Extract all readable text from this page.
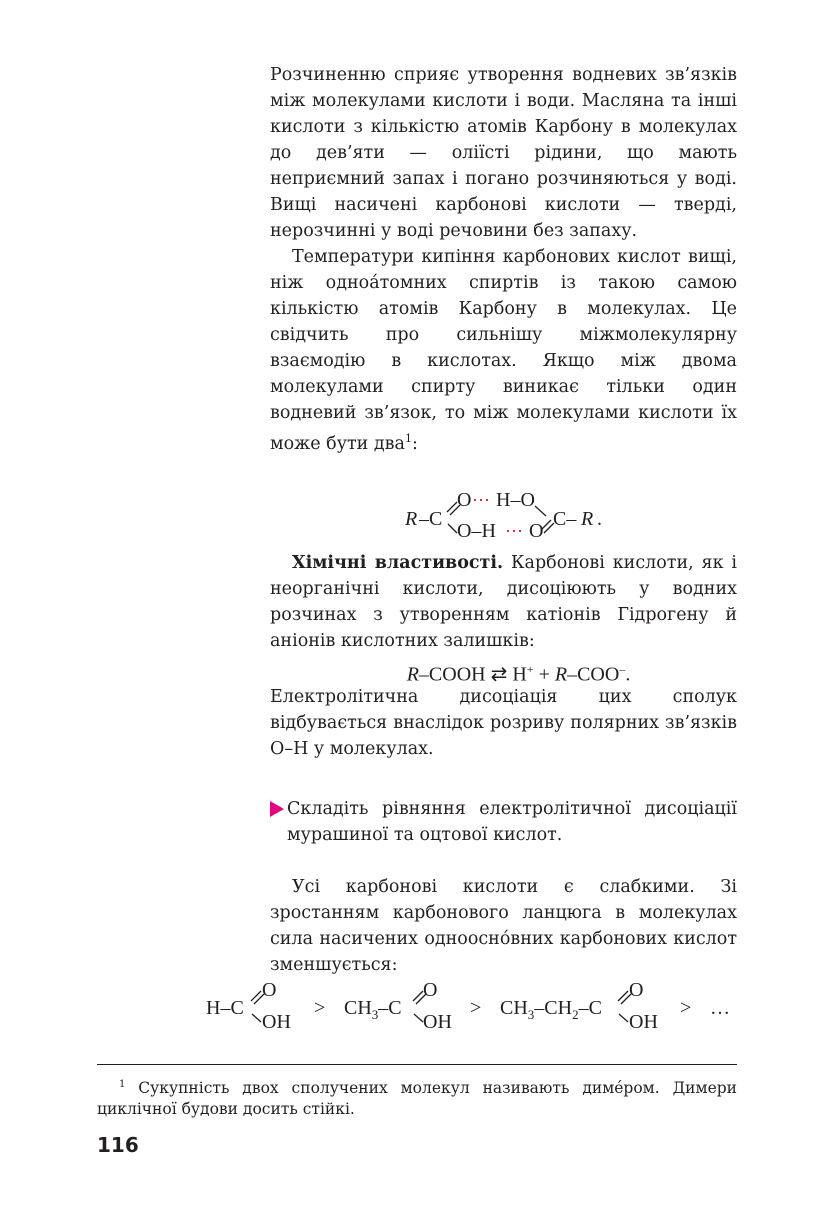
Розчиненню сприяє утворення водневих зв’язків між молекулами кислоти і води. Масляна та інші кислоти з кількістю атомів Карбону в молекулах до дев’яти — оліїсті рідини, що мають неприємний запах і погано розчиняються у воді. Вищі насичені карбонові кислоти — тверді, нерозчинні у воді речовини без запаху.

Температури кипіння карбонових кислот вищі, ніж однoáтомних спиртів із такою самою кількістю атомів Карбону в молекулах. Це свідчить про сильнішу міжмолекулярну взаємодію в кислотах. Якщо між двома молекулами спирту виникає тільки один водневий зв’язок, то між молекулами кислоти їх може бути два$^1$:

R –C
O ··· H–O
O–H ··· O
C– R .

Хімічні властивості. Карбонові кислоти, як і неорганічні кислоти, дисоціюють у водних розчинах з утворенням катіонів Гідрогену й аніонів кислотних залишків:

R–COOH ⇄ H+ + R–COO–.

Електролітична дисоціація цих сполук відбувається внаслідок розриву полярних зв’язків O–H у молекулах.

Складіть рівняння електролітичної дисоціації мурашиної та оцтової кислот.

Усі карбонові кислоти є слабкими. Зі зростанням карбонового ланцюга в молекулах сила насичених одноосно́вних карбонових кислот зменшується:

H–C
O
OH
> $CH_3-C$
O
OH
> $CH_3-CH_2-C$
O
OH
> …

$^1$ Сукупність двох сполучених молекул називають диме́ром. Димери циклічної будови досить стійкі.

116
